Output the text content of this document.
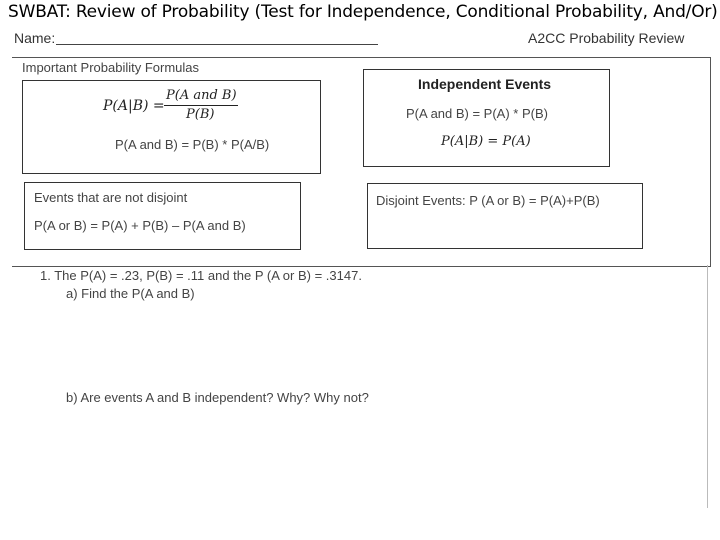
SWBAT: Review of Probability (Test for Independence, Conditional Probability, And/Or)
Name:	A2CC Probability Review
Important Probability Formulas
P(A|B) =
P(A and B)
P(B)
P(A and B) = P(B) * P(A/B)
Independent Events
P(A and B) = P(A) * P(B)
P(A|B) = P(A)
Events that are not disjoint
P(A or B) = P(A) + P(B) – P(A and B)
Disjoint Events: P (A or B) = P(A)+P(B)
1. The P(A) = .23, P(B) = .11 and the P (A or B) = .3147.
a) Find the P(A and B)
b) Are events A and B independent? Why? Why not?
